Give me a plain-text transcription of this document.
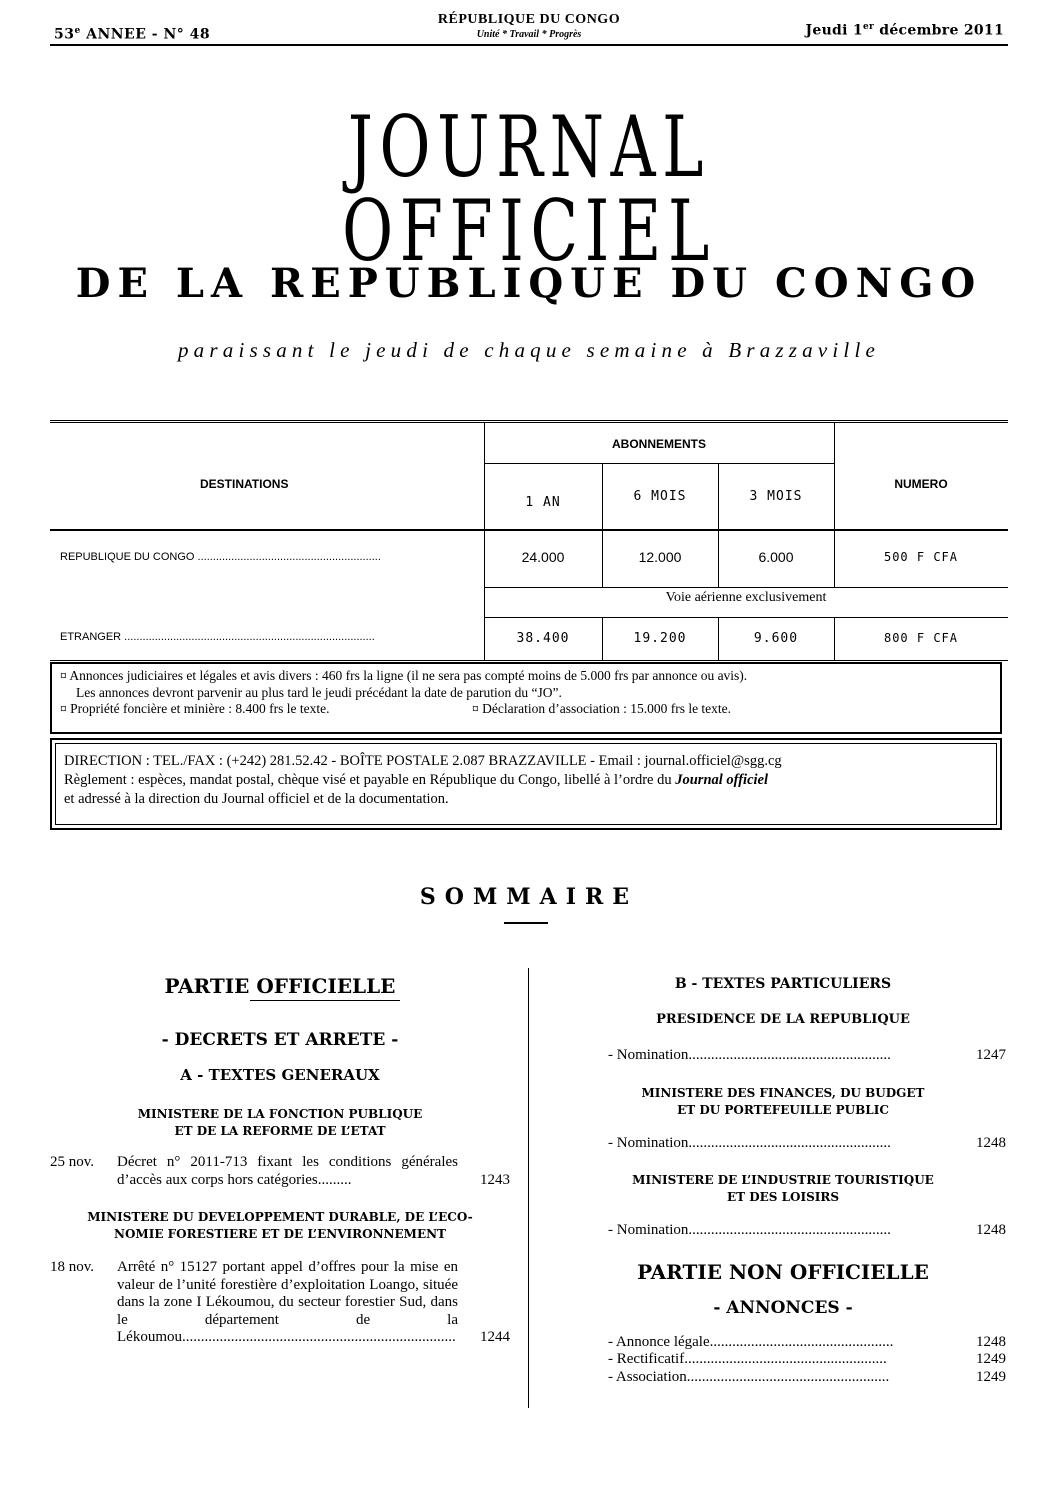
53e ANNEE - N° 48
RÉPUBLIQUE DU CONGO
Unité * Travail * Progrès	Jeudi 1er décembre 2011
JOURNAL OFFICIEL
DE LA REPUBLIQUE DU CONGO
paraissant le jeudi de chaque semaine à Brazzaville
DESTINATIONS
ABONNEMENTS
NUMERO
1 AN	6 MOIS	3 MOIS
REPUBLIQUE DU CONGO ............................................................	24.000	12.000	6.000	500 F CFA
Voie aérienne exclusivement
ETRANGER ..................................................................................	38.400	19.200	9.600	800 F CFA
¤ Annonces judiciaires et légales et avis divers : 460 frs la ligne (il ne sera pas compté moins de 5.000 frs par annonce ou avis).
Les annonces devront parvenir au plus tard le jeudi précédant la date de parution du “JO”.
¤ Propriété foncière et minière : 8.400 frs le texte.	¤ Déclaration d’association : 15.000 frs le texte.
DIRECTION : TEL./FAX : (+242) 281.52.42 - BOÎTE POSTALE 2.087 BRAZZAVILLE - Email : journal.officiel@sgg.cg
Règlement : espèces, mandat postal, chèque visé et payable en République du Congo, libellé à l’ordre du Journal officiel
et adressé à la direction du Journal officiel et de la documentation.
SOMMAIRE
PARTIE OFFICIELLE
- DECRETS ET ARRETE -
A - TEXTES GENERAUX
MINISTERE DE LA FONCTION PUBLIQUE
ET DE LA REFORME DE L’ETAT
25 nov. Décret n° 2011-713 fixant les conditions générales d’accès aux corps hors catégories.........	1243
MINISTERE DU DEVELOPPEMENT DURABLE, DE L’ECO-
NOMIE FORESTIERE ET DE L’ENVIRONNEMENT
18 nov. Arrêté n° 15127 portant appel d’offres pour la mise en valeur de l’unité forestière d’exploitation Loango, située dans la zone I Lékoumou, du secteur forestier Sud, dans le département de la Lékoumou......................................................................... 1244
B - TEXTES PARTICULIERS
PRESIDENCE DE LA REPUBLIQUE
- Nomination......................................................	1247
MINISTERE DES FINANCES, DU BUDGET
ET DU PORTEFEUILLE PUBLIC
- Nomination......................................................	1248
MINISTERE DE L’INDUSTRIE TOURISTIQUE
ET DES LOISIRS
- Nomination......................................................	1248
PARTIE NON OFFICIELLE
- ANNONCES -
- Annonce légale.................................................	1248
- Rectificatif......................................................	1249
- Association......................................................	1249
